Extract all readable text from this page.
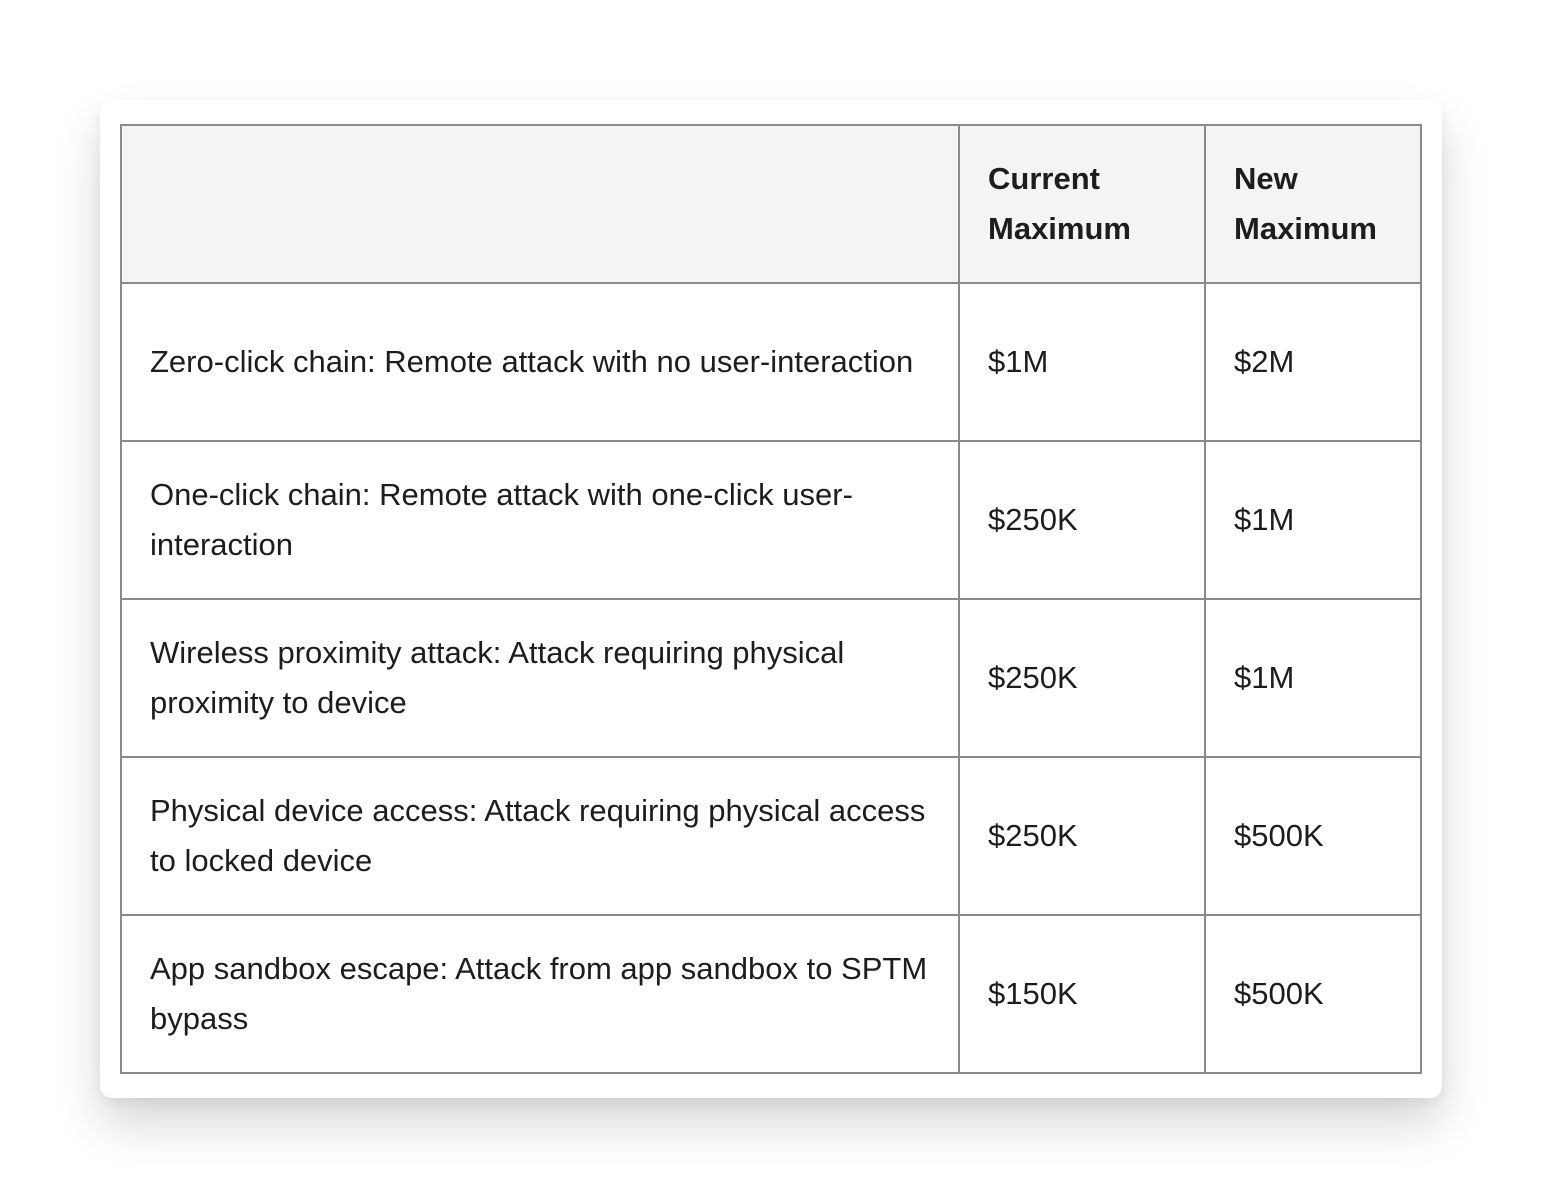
	Current Maximum	New Maximum
Zero-click chain: Remote attack with no user-interaction	$1M	$2M
One-click chain: Remote attack with one-click user-interaction	$250K	$1M
Wireless proximity attack: Attack requiring physical proximity to device	$250K	$1M
Physical device access: Attack requiring physical access to locked device	$250K	$500K
App sandbox escape: Attack from app sandbox to SPTM bypass	$150K	$500K
